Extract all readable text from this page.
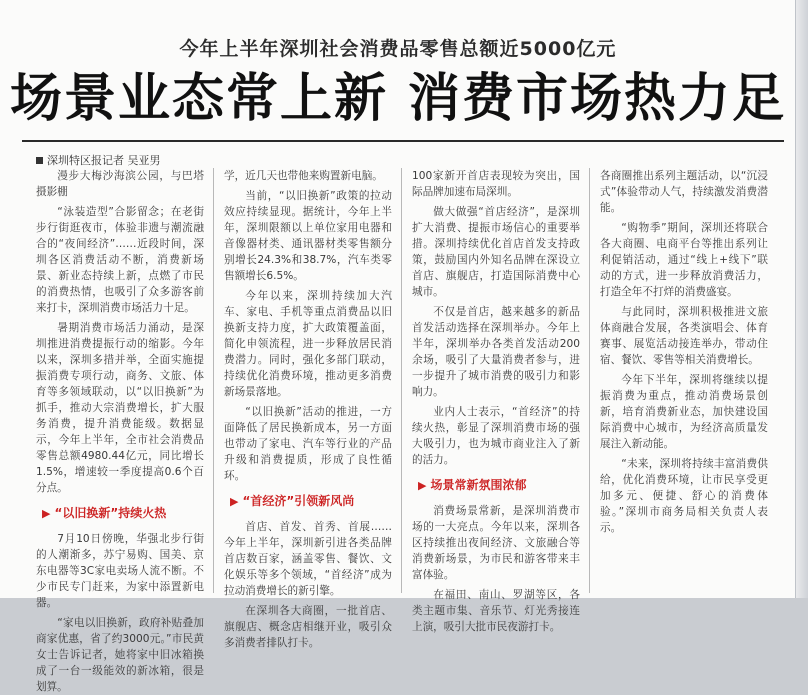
今年上半年深圳社会消费品零售总额近5000亿元
场景业态常上新 消费市场热力足
深圳特区报记者 吴亚男

漫步大梅沙海滨公园，与巴塔摄影棚

“泳装造型”合影留念；在老街步行街逛夜市，体验非遗与潮流融合的“夜间经济”……近段时间，深圳各区消费活动不断，消费新场景、新业态持续上新，点燃了市民的消费热情，也吸引了众多游客前来打卡，深圳消费市场活力十足。

暑期消费市场活力涌动，是深圳推进消费提振行动的缩影。今年以来，深圳多措并举，全面实施提振消费专项行动，商务、文旅、体育等多领域联动，以“以旧换新”为抓手，推动大宗消费增长，扩大服务消费，提升消费能级。数据显示，今年上半年，全市社会消费品零售总额4980.44亿元，同比增长1.5%，增速较一季度提高0.6个百分点。

▶ “以旧换新”持续火热

7月10日傍晚，华强北步行街的人潮渐多，苏宁易购、国美、京东电器等3C家电卖场人流不断。不少市民专门赶来，为家中添置新电器。

“家电以旧换新，政府补贴叠加商家优惠，省了约3000元。”市民黄女士告诉记者，她将家中旧冰箱换成了一台一级能效的新冰箱，很是划算。

学，近几天也带他来购置新电脑。

当前，“以旧换新”政策的拉动效应持续显现。据统计，今年上半年，深圳限额以上单位家用电器和音像器材类、通讯器材类零售额分别增长24.3%和38.7%，汽车类零售额增长6.5%。

今年以来，深圳持续加大汽车、家电、手机等重点消费品以旧换新支持力度，扩大政策覆盖面，简化申领流程，进一步释放居民消费潜力。同时，强化多部门联动，持续优化消费环境，推动更多消费新场景落地。

“以旧换新”活动的推进，一方面降低了居民换新成本，另一方面也带动了家电、汽车等行业的产品升级和消费提质，形成了良性循环。

▶ “首经济”引领新风尚

首店、首发、首秀、首展……今年上半年，深圳新引进各类品牌首店数百家，涵盖零售、餐饮、文化娱乐等多个领域，“首经济”成为拉动消费增长的新引擎。

在深圳各大商圈，一批首店、旗舰店、概念店相继开业，吸引众多消费者排队打卡。

100家新开首店表现较为突出，国际品牌加速布局深圳。

做大做强“首店经济”，是深圳扩大消费、提振市场信心的重要举措。深圳持续优化首店首发支持政策，鼓励国内外知名品牌在深设立首店、旗舰店，打造国际消费中心城市。

不仅是首店，越来越多的新品首发活动选择在深圳举办。今年上半年，深圳举办各类首发活动200余场，吸引了大量消费者参与，进一步提升了城市消费的吸引力和影响力。

业内人士表示，“首经济”的持续火热，彰显了深圳消费市场的强大吸引力，也为城市商业注入了新的活力。

▶ 场景常新氛围浓郁

消费场景常新，是深圳消费市场的一大亮点。今年以来，深圳各区持续推出夜间经济、文旅融合等消费新场景，为市民和游客带来丰富体验。

在福田、南山、罗湖等区，各类主题市集、音乐节、灯光秀接连上演，吸引大批市民夜游打卡。

各商圈推出系列主题活动，以“沉浸式”体验带动人气，持续激发消费潜能。

“购物季”期间，深圳还将联合各大商圈、电商平台等推出系列让利促销活动，通过“线上+线下”联动的方式，进一步释放消费活力，打造全年不打烊的消费盛宴。

与此同时，深圳积极推进文旅体商融合发展，各类演唱会、体育赛事、展览活动接连举办，带动住宿、餐饮、零售等相关消费增长。

今年下半年，深圳将继续以提振消费为重点，推动消费场景创新，培育消费新业态，加快建设国际消费中心城市，为经济高质量发展注入新动能。

“未来，深圳将持续丰富消费供给，优化消费环境，让市民享受更加多元、便捷、舒心的消费体验。”深圳市商务局相关负责人表示。
